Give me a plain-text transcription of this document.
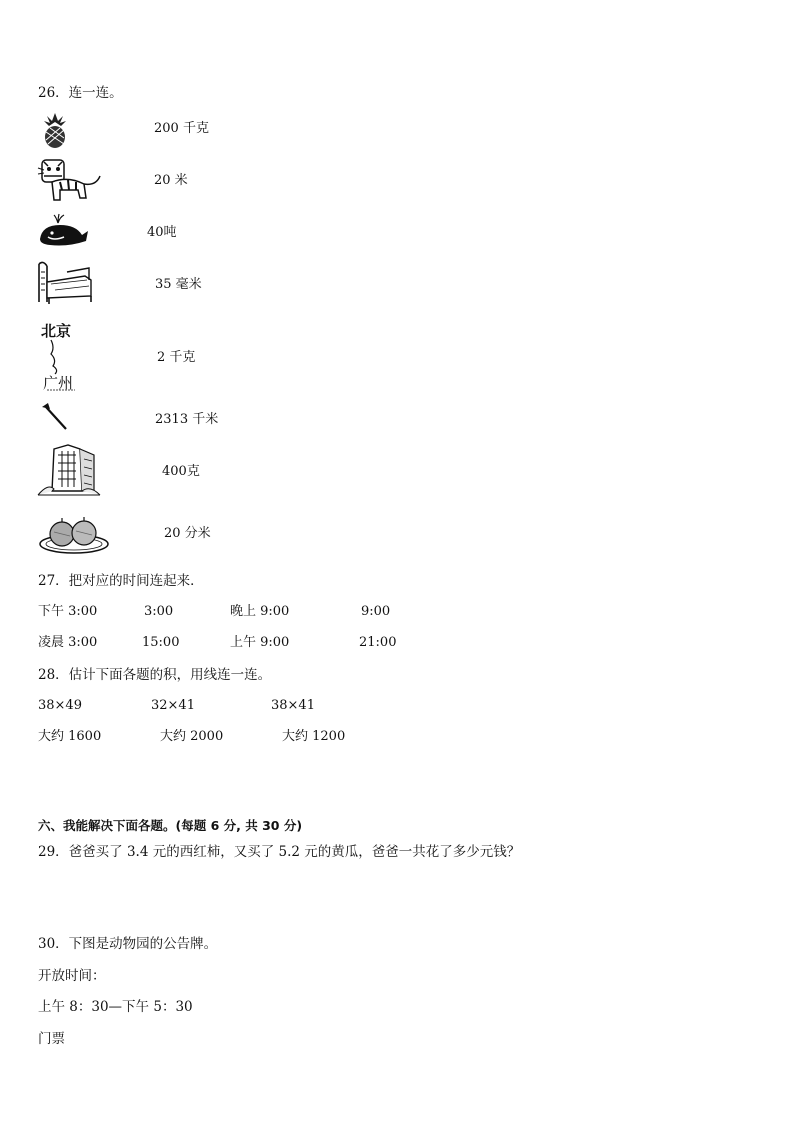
26．连一连。
200 千克
20 米
40吨
35 毫米
北京
广州
2 千克
2313 千米
400克
20 分米
27．把对应的时间连起来．
下午 3:00	3:00	晚上 9:00	9:00
凌晨 3:00	15:00	上午 9:00	21:00
28．估计下面各题的积，用线连一连。
38×49	32×41	38×41
大约 1600	大约 2000	大约 1200
六、我能解决下面各题。(每题 6 分, 共 30 分)
29．爸爸买了 3.4 元的西红柿，又买了 5.2 元的黄瓜，爸爸一共花了多少元钱？
30．下图是动物园的公告牌。
开放时间：
上午 8：30—下午 5：30
门票
